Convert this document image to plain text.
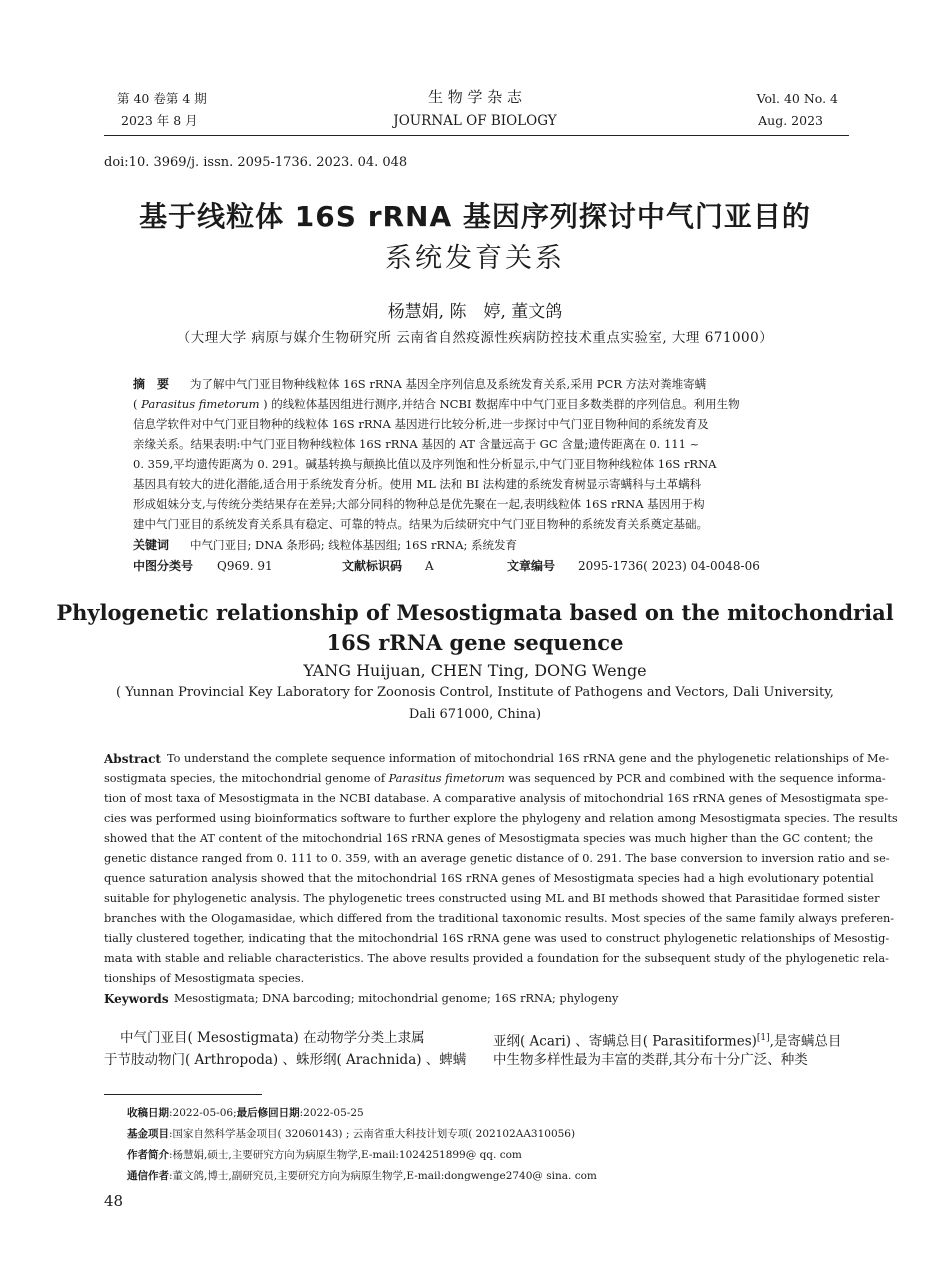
第 40 卷第 4 期
2023 年 8 月
生 物 学 杂 志
JOURNAL OF BIOLOGY
Vol. 40 No. 4
Aug. 2023
doi:10. 3969/j. issn. 2095-1736. 2023. 04. 048
基于线粒体 16S rRNA 基因序列探讨中气门亚目的
系统发育关系
杨慧娟, 陈　婷, 董文鸽
（大理大学 病原与媒介生物研究所 云南省自然疫源性疾病防控技术重点实验室, 大理 671000）
摘　要 为了解中气门亚目物种线粒体 16S rRNA 基因全序列信息及系统发育关系,采用 PCR 方法对粪堆寄螨
( Parasitus fimetorum ) 的线粒体基因组进行测序,并结合 NCBI 数据库中中气门亚目多数类群的序列信息。利用生物
信息学软件对中气门亚目物种的线粒体 16S rRNA 基因进行比较分析,进一步探讨中气门亚目物种间的系统发育及
亲缘关系。结果表明:中气门亚目物种线粒体 16S rRNA 基因的 AT 含量远高于 GC 含量;遗传距离在 0. 111 ~
0. 359,平均遗传距离为 0. 291。碱基转换与颠换比值以及序列饱和性分析显示,中气门亚目物种线粒体 16S rRNA
基因具有较大的进化潜能,适合用于系统发育分析。使用 ML 法和 BI 法构建的系统发育树显示寄螨科与土革螨科
形成姐妹分支,与传统分类结果存在差异;大部分同科的物种总是优先聚在一起,表明线粒体 16S rRNA 基因用于构
建中气门亚目的系统发育关系具有稳定、可靠的特点。结果为后续研究中气门亚目物种的系统发育关系奠定基础。
关键词 中气门亚目; DNA 条形码; 线粒体基因组; 16S rRNA; 系统发育
中图分类号 Q969. 91	文献标识码 A	文章编号 2095-1736( 2023) 04-0048-06
Phylogenetic relationship of Mesostigmata based on the mitochondrial
16S rRNA gene sequence
YANG Huijuan, CHEN Ting, DONG Wenge
( Yunnan Provincial Key Laboratory for Zoonosis Control, Institute of Pathogens and Vectors, Dali University,
Dali 671000, China)
Abstract To understand the complete sequence information of mitochondrial 16S rRNA gene and the phylogenetic relationships of Me-
sostigmata species, the mitochondrial genome of Parasitus fimetorum was sequenced by PCR and combined with the sequence informa-
tion of most taxa of Mesostigmata in the NCBI database. A comparative analysis of mitochondrial 16S rRNA genes of Mesostigmata spe-
cies was performed using bioinformatics software to further explore the phylogeny and relation among Mesostigmata species. The results
showed that the AT content of the mitochondrial 16S rRNA genes of Mesostigmata species was much higher than the GC content; the
genetic distance ranged from 0. 111 to 0. 359, with an average genetic distance of 0. 291. The base conversion to inversion ratio and se-
quence saturation analysis showed that the mitochondrial 16S rRNA genes of Mesostigmata species had a high evolutionary potential
suitable for phylogenetic analysis. The phylogenetic trees constructed using ML and BI methods showed that Parasitidae formed sister
branches with the Ologamasidae, which differed from the traditional taxonomic results. Most species of the same family always preferen-
tially clustered together, indicating that the mitochondrial 16S rRNA gene was used to construct phylogenetic relationships of Mesostig-
mata with stable and reliable characteristics. The above results provided a foundation for the subsequent study of the phylogenetic rela-
tionships of Mesostigmata species.
Keywords Mesostigmata; DNA barcoding; mitochondrial genome; 16S rRNA; phylogeny
中气门亚目( Mesostigmata) 在动物学分类上隶属
于节肢动物门( Arthropoda) 、蛛形纲( Arachnida) 、蜱螨
亚纲( Acari) 、寄螨总目( Parasitiformes)[1],是寄螨总目
中生物多样性最为丰富的类群,其分布十分广泛、种类
收稿日期:2022-05-06;最后修回日期:2022-05-25
基金项目:国家自然科学基金项目( 32060143) ; 云南省重大科技计划专项( 202102AA310056)
作者简介:杨慧娟,硕士,主要研究方向为病原生物学,E-mail:1024251899@ qq. com
通信作者:董文鸽,博士,副研究员,主要研究方向为病原生物学,E-mail:dongwenge2740@ sina. com
48
